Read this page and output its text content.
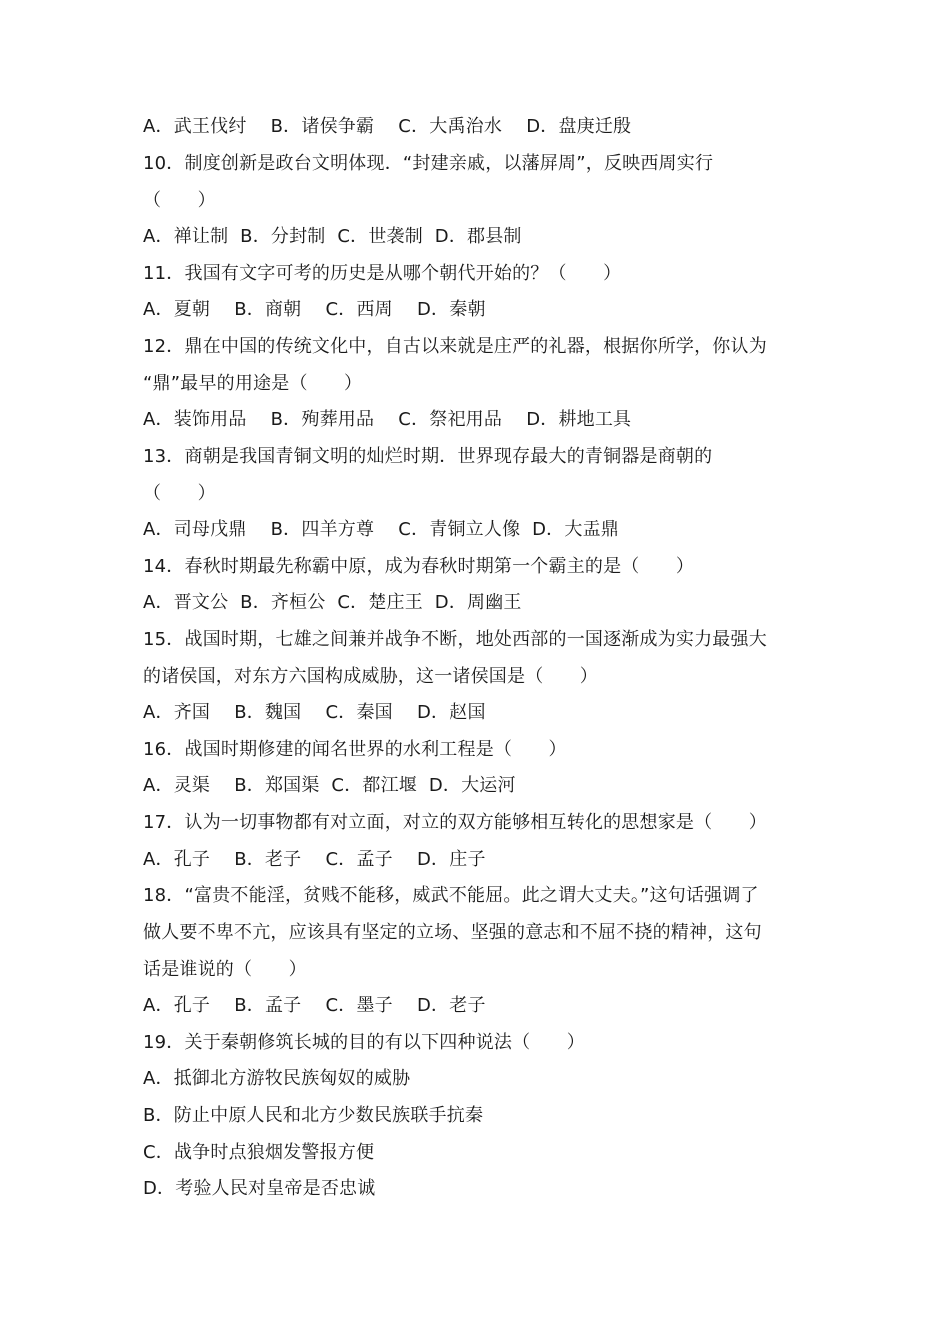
A．武王伐纣　 B．诸侯争霸　 C．大禹治水　 D．盘庚迁殷
10．制度创新是政台文明体现．“封建亲戚，以藩屏周”，反映西周实行
（　　）
A．禅让制  B．分封制  C．世袭制  D．郡县制
11．我国有文字可考的历史是从哪个朝代开始的？（　　）
A．夏朝　 B．商朝　 C．西周　 D．秦朝
12．鼎在中国的传统文化中，自古以来就是庄严的礼器，根据你所学，你认为
“鼎”最早的用途是（　　）
A．装饰用品　 B．殉葬用品　 C．祭祀用品　 D．耕地工具
13．商朝是我国青铜文明的灿烂时期．世界现存最大的青铜器是商朝的
（　　）
A．司母戊鼎　 B．四羊方尊　 C．青铜立人像  D．大盂鼎
14．春秋时期最先称霸中原，成为春秋时期第一个霸主的是（　　）
A．晋文公  B．齐桓公  C．楚庄王  D．周幽王
15．战国时期，七雄之间兼并战争不断，地处西部的一国逐渐成为实力最强大
的诸侯国，对东方六国构成威胁，这一诸侯国是（　　）
A．齐国　 B．魏国　 C．秦国　 D．赵国
16．战国时期修建的闻名世界的水利工程是（　　）
A．灵渠　 B．郑国渠  C．都江堰  D．大运河
17．认为一切事物都有对立面，对立的双方能够相互转化的思想家是（　　）
A．孔子　 B．老子　 C．孟子　 D．庄子
18．“富贵不能淫，贫贱不能移，威武不能屈。此之谓大丈夫。”这句话强调了
做人要不卑不亢，应该具有坚定的立场、坚强的意志和不屈不挠的精神，这句
话是谁说的（　　）
A．孔子　 B．孟子　 C．墨子　 D．老子
19．关于秦朝修筑长城的目的有以下四种说法（　　）
A．抵御北方游牧民族匈奴的威胁
B．防止中原人民和北方少数民族联手抗秦
C．战争时点狼烟发警报方便
D．考验人民对皇帝是否忠诚
